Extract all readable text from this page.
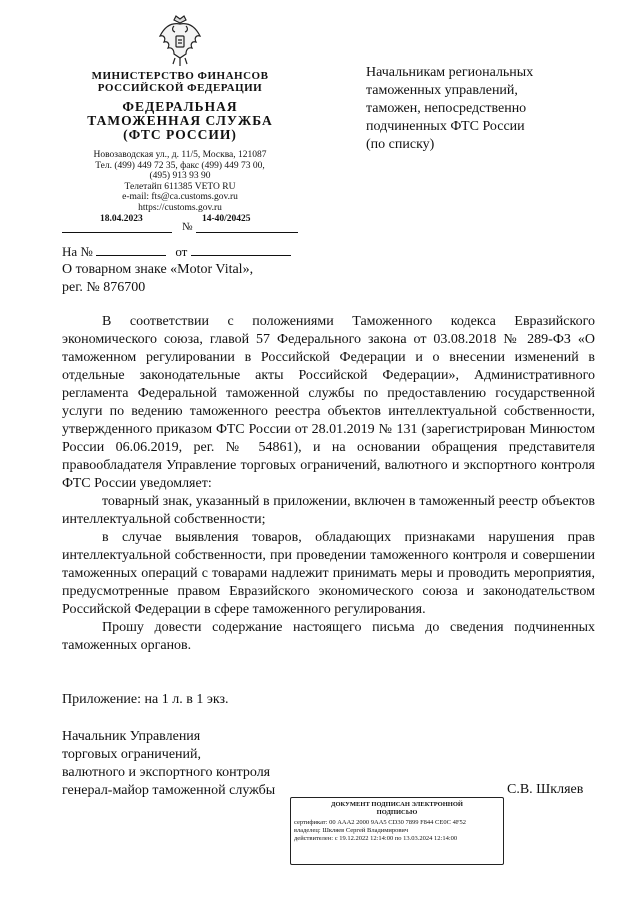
МИНИСТЕРСТВО ФИНАНСОВ
РОССИЙСКОЙ ФЕДЕРАЦИИ
ФЕДЕРАЛЬНАЯ
ТАМОЖЕННАЯ СЛУЖБА
(ФТС РОССИИ)
Новозаводская ул., д. 11/5, Москва, 121087
Тел. (499) 449 72 35, факс (499) 449 73 00,
(495) 913 93 90
Телетайп 611385 VETO RU
e-mail: fts@ca.customs.gov.ru
https://customs.gov.ru
18.04.2023
№
14-40/20425
На №	от
О товарном знаке «Motor Vital»,
рег. № 876700
Начальникам региональных
таможенных управлений,
таможен, непосредственно
подчиненных ФТС России
(по списку)

В соответствии с положениями Таможенного кодекса Евразийского экономического союза, главой 57 Федерального закона от 03.08.2018 № 289-ФЗ «О таможенном регулировании в Российской Федерации и о внесении изменений в отдельные законодательные акты Российской Федерации», Административного регламента Федеральной таможенной службы по предоставлению государственной услуги по ведению таможенного реестра объектов интеллектуальной собственности, утвержденного приказом ФТС России от 28.01.2019 № 131 (зарегистрирован Минюстом России 06.06.2019, рег. № 54861), и на основании обращения представителя правообладателя Управление торговых ограничений, валютного и экспортного контроля ФТС России уведомляет:

товарный знак, указанный в приложении, включен в таможенный реестр объектов интеллектуальной собственности;

в случае выявления товаров, обладающих признаками нарушения прав интеллектуальной собственности, при проведении таможенного контроля и совершении таможенных операций с товарами надлежит принимать меры и проводить мероприятия, предусмотренные правом Евразийского экономического союза и законодательством Российской Федерации в сфере таможенного регулирования.

Прошу довести содержание настоящего письма до сведения подчиненных таможенных органов.

Приложение: на 1 л. в 1 экз.
Начальник Управления
торговых ограничений,
валютного и экспортного контроля
генерал-майор таможенной службы	С.В. Шкляев
ДОКУМЕНТ ПОДПИСАН ЭЛЕКТРОННОЙ
ПОДПИСЬЮ
сертификат: 00 AAA2 2000 9AA5 CD30 7899 F844 CE0C 4F52
владелец: Шкляев Сергей Владимирович
действителен: с 19.12.2022 12:14:00 по 13.03.2024 12:14:00
